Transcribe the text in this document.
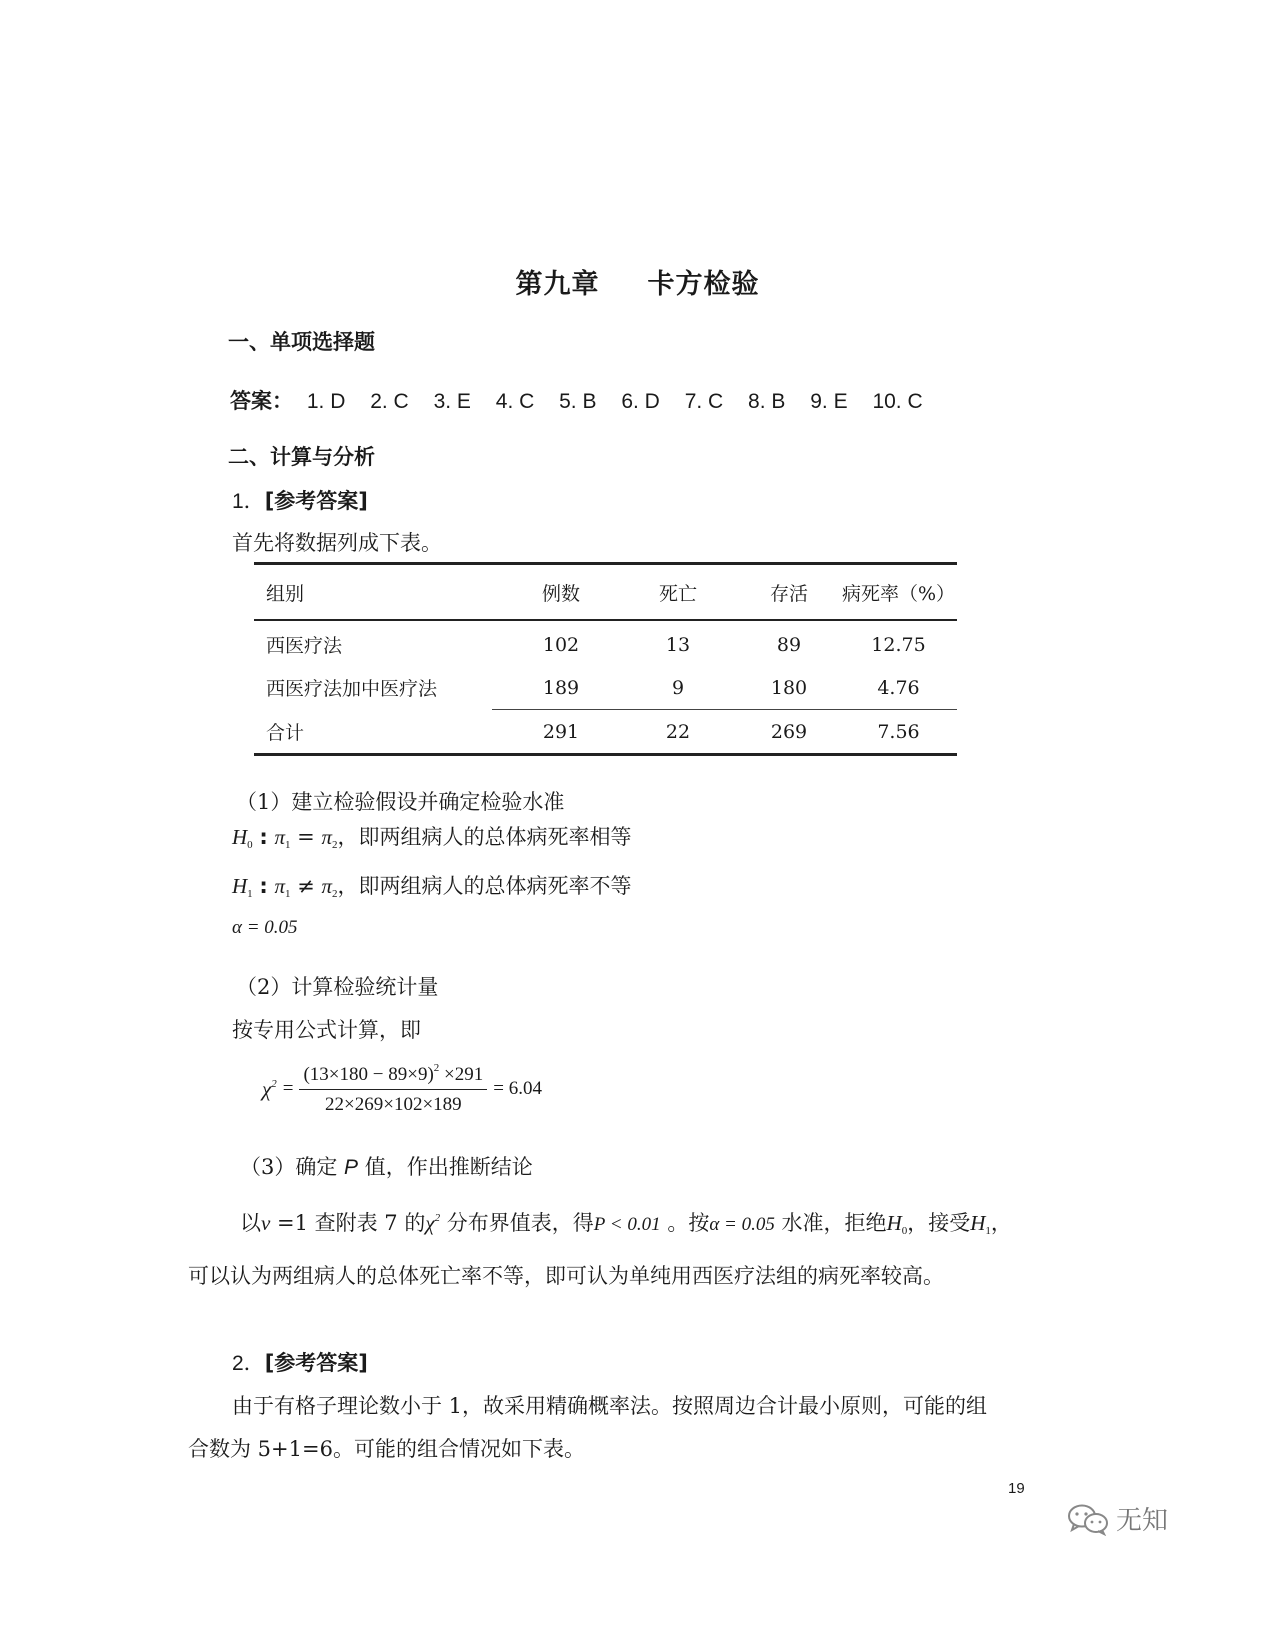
第九章 卡方检验
一、单项选择题
答案： 1. D 2. C 3. E 4. C 5. B 6. D 7. C 8. B 9. E 10. C
二、计算与分析
1．[参考答案]
首先将数据列成下表。
组别	例数	死亡	存活	病死率（%）
西医疗法	102	13	89	12.75
西医疗法加中医疗法	189	9	180	4.76
合计	291	22	269	7.56
（1）建立检验假设并确定检验水准
$H_0$ : $\pi_1 = \pi_2$，即两组病人的总体病死率相等
$H_1$ : $\pi_1 \ne \pi_2$，即两组病人的总体病死率不等
α = 0.05
（2）计算检验统计量
按专用公式计算，即
$\chi^2 = \frac{(13\times 180 - 89\times 9)^2 \times 291}{22\times 269\times 102\times 189} = 6.04$
（3）确定 P 值，作出推断结论
以ν =1 查附表 7 的$\chi^2$ 分布界值表，得P < 0.01 。按α = 0.05 水准，拒绝$H_0$，接受$H_1$，
可以认为两组病人的总体死亡率不等，即可认为单纯用西医疗法组的病死率较高。
2．[参考答案]
由于有格子理论数小于 1，故采用精确概率法。按照周边合计最小原则，可能的组
合数为 5+1=6。可能的组合情况如下表。
19
无知
